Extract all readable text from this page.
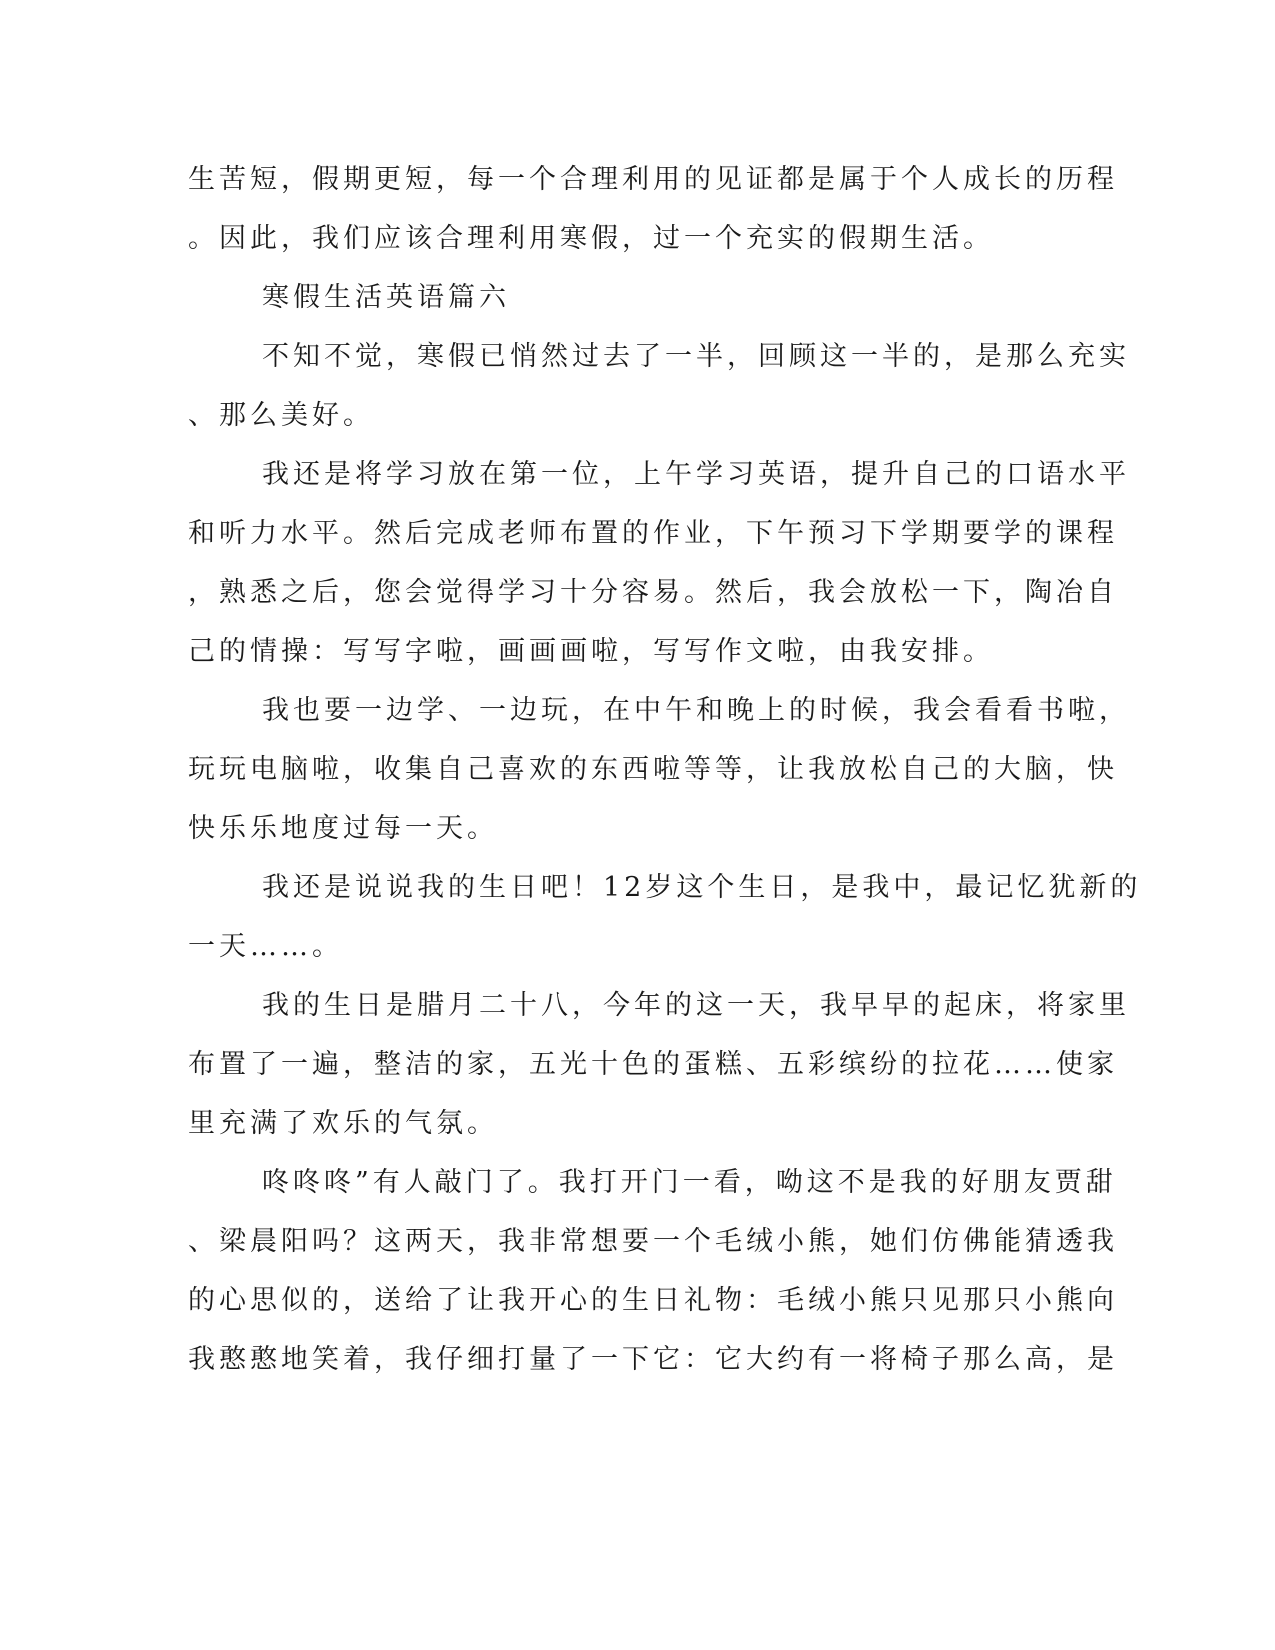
生苦短，假期更短，每一个合理利用的见证都是属于个人成长的历程

。因此，我们应该合理利用寒假，过一个充实的假期生活。

寒假生活英语篇六

不知不觉，寒假已悄然过去了一半，回顾这一半的，是那么充实

、那么美好。

我还是将学习放在第一位，上午学习英语，提升自己的口语水平

和听力水平。然后完成老师布置的作业，下午预习下学期要学的课程

，熟悉之后，您会觉得学习十分容易。然后，我会放松一下，陶冶自

己的情操：写写字啦，画画画啦，写写作文啦，由我安排。

我也要一边学、一边玩，在中午和晚上的时候，我会看看书啦，

玩玩电脑啦，收集自己喜欢的东西啦等等，让我放松自己的大脑，快

快乐乐地度过每一天。

我还是说说我的生日吧！12岁这个生日，是我中，最记忆犹新的

一天……。

我的生日是腊月二十八，今年的这一天，我早早的起床，将家里

布置了一遍，整洁的家，五光十色的蛋糕、五彩缤纷的拉花……使家

里充满了欢乐的气氛。

咚咚咚”有人敲门了。我打开门一看，呦这不是我的好朋友贾甜

、梁晨阳吗？这两天，我非常想要一个毛绒小熊，她们仿佛能猜透我

的心思似的，送给了让我开心的生日礼物：毛绒小熊只见那只小熊向

我憨憨地笑着，我仔细打量了一下它：它大约有一将椅子那么高，是
